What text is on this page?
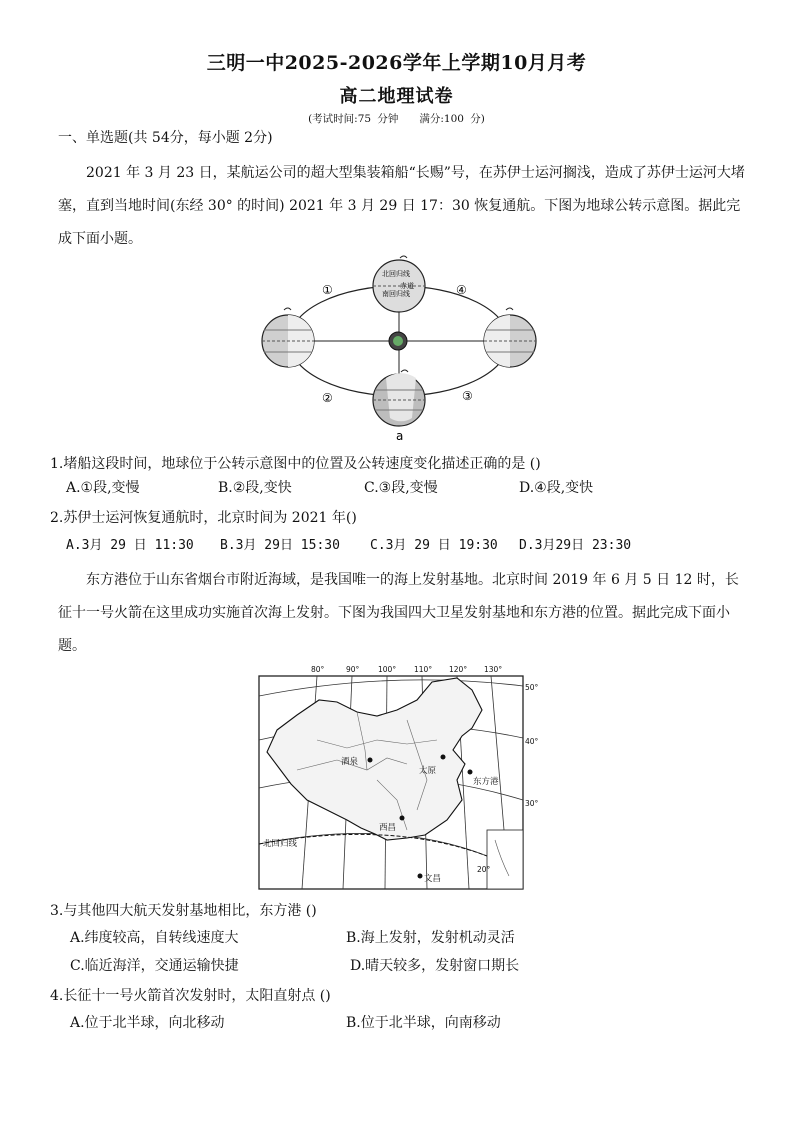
三明一中2025-2026学年上学期10月月考
高二地理试卷
(考试时间:75 分钟　　满分:100 分)
一、单选题(共 54分，每小题 2分)
2021 年 3 月 23 日，某航运公司的超大型集装箱船“长赐”号，在苏伊士运河搁浅，造成了苏伊士运河大堵塞，直到当地时间(东经 30° 的时间) 2021 年 3 月 29 日 17：30 恢复通航。下图为地球公转示意图。据此完成下面小题。
北回归线
南回归线
赤道
①	④
②	③
a
1.堵船这段时间，地球位于公转示意图中的位置及公转速度变化描述正确的是 ()
A.①段,变慢	B.②段,变快	C.③段,变慢	D.④段,变快
2.苏伊士运河恢复通航时，北京时间为 2021 年()
A.3月 29 日 11:30 B.3月 29日 15:30 C.3月 29 日 19:30 D.3月29日 23:30
东方港位于山东省烟台市附近海域，是我国唯一的海上发射基地。北京时间 2019 年 6 月 5 日 12 时，长征十一号火箭在这里成功实施首次海上发射。下图为我国四大卫星发射基地和东方港的位置。据此完成下面小题。
酒泉
太原
东方港
西昌
文昌
北回归线
80°	90° 100° 110° 120° 130°
50°
40°
30°
20°
3.与其他四大航天发射基地相比，东方港 ()
A.纬度较高，自转线速度大	B.海上发射，发射机动灵活
C.临近海洋，交通运输快捷	D.晴天较多，发射窗口期长
4.长征十一号火箭首次发射时，太阳直射点 ()
A.位于北半球，向北移动	B.位于北半球，向南移动
